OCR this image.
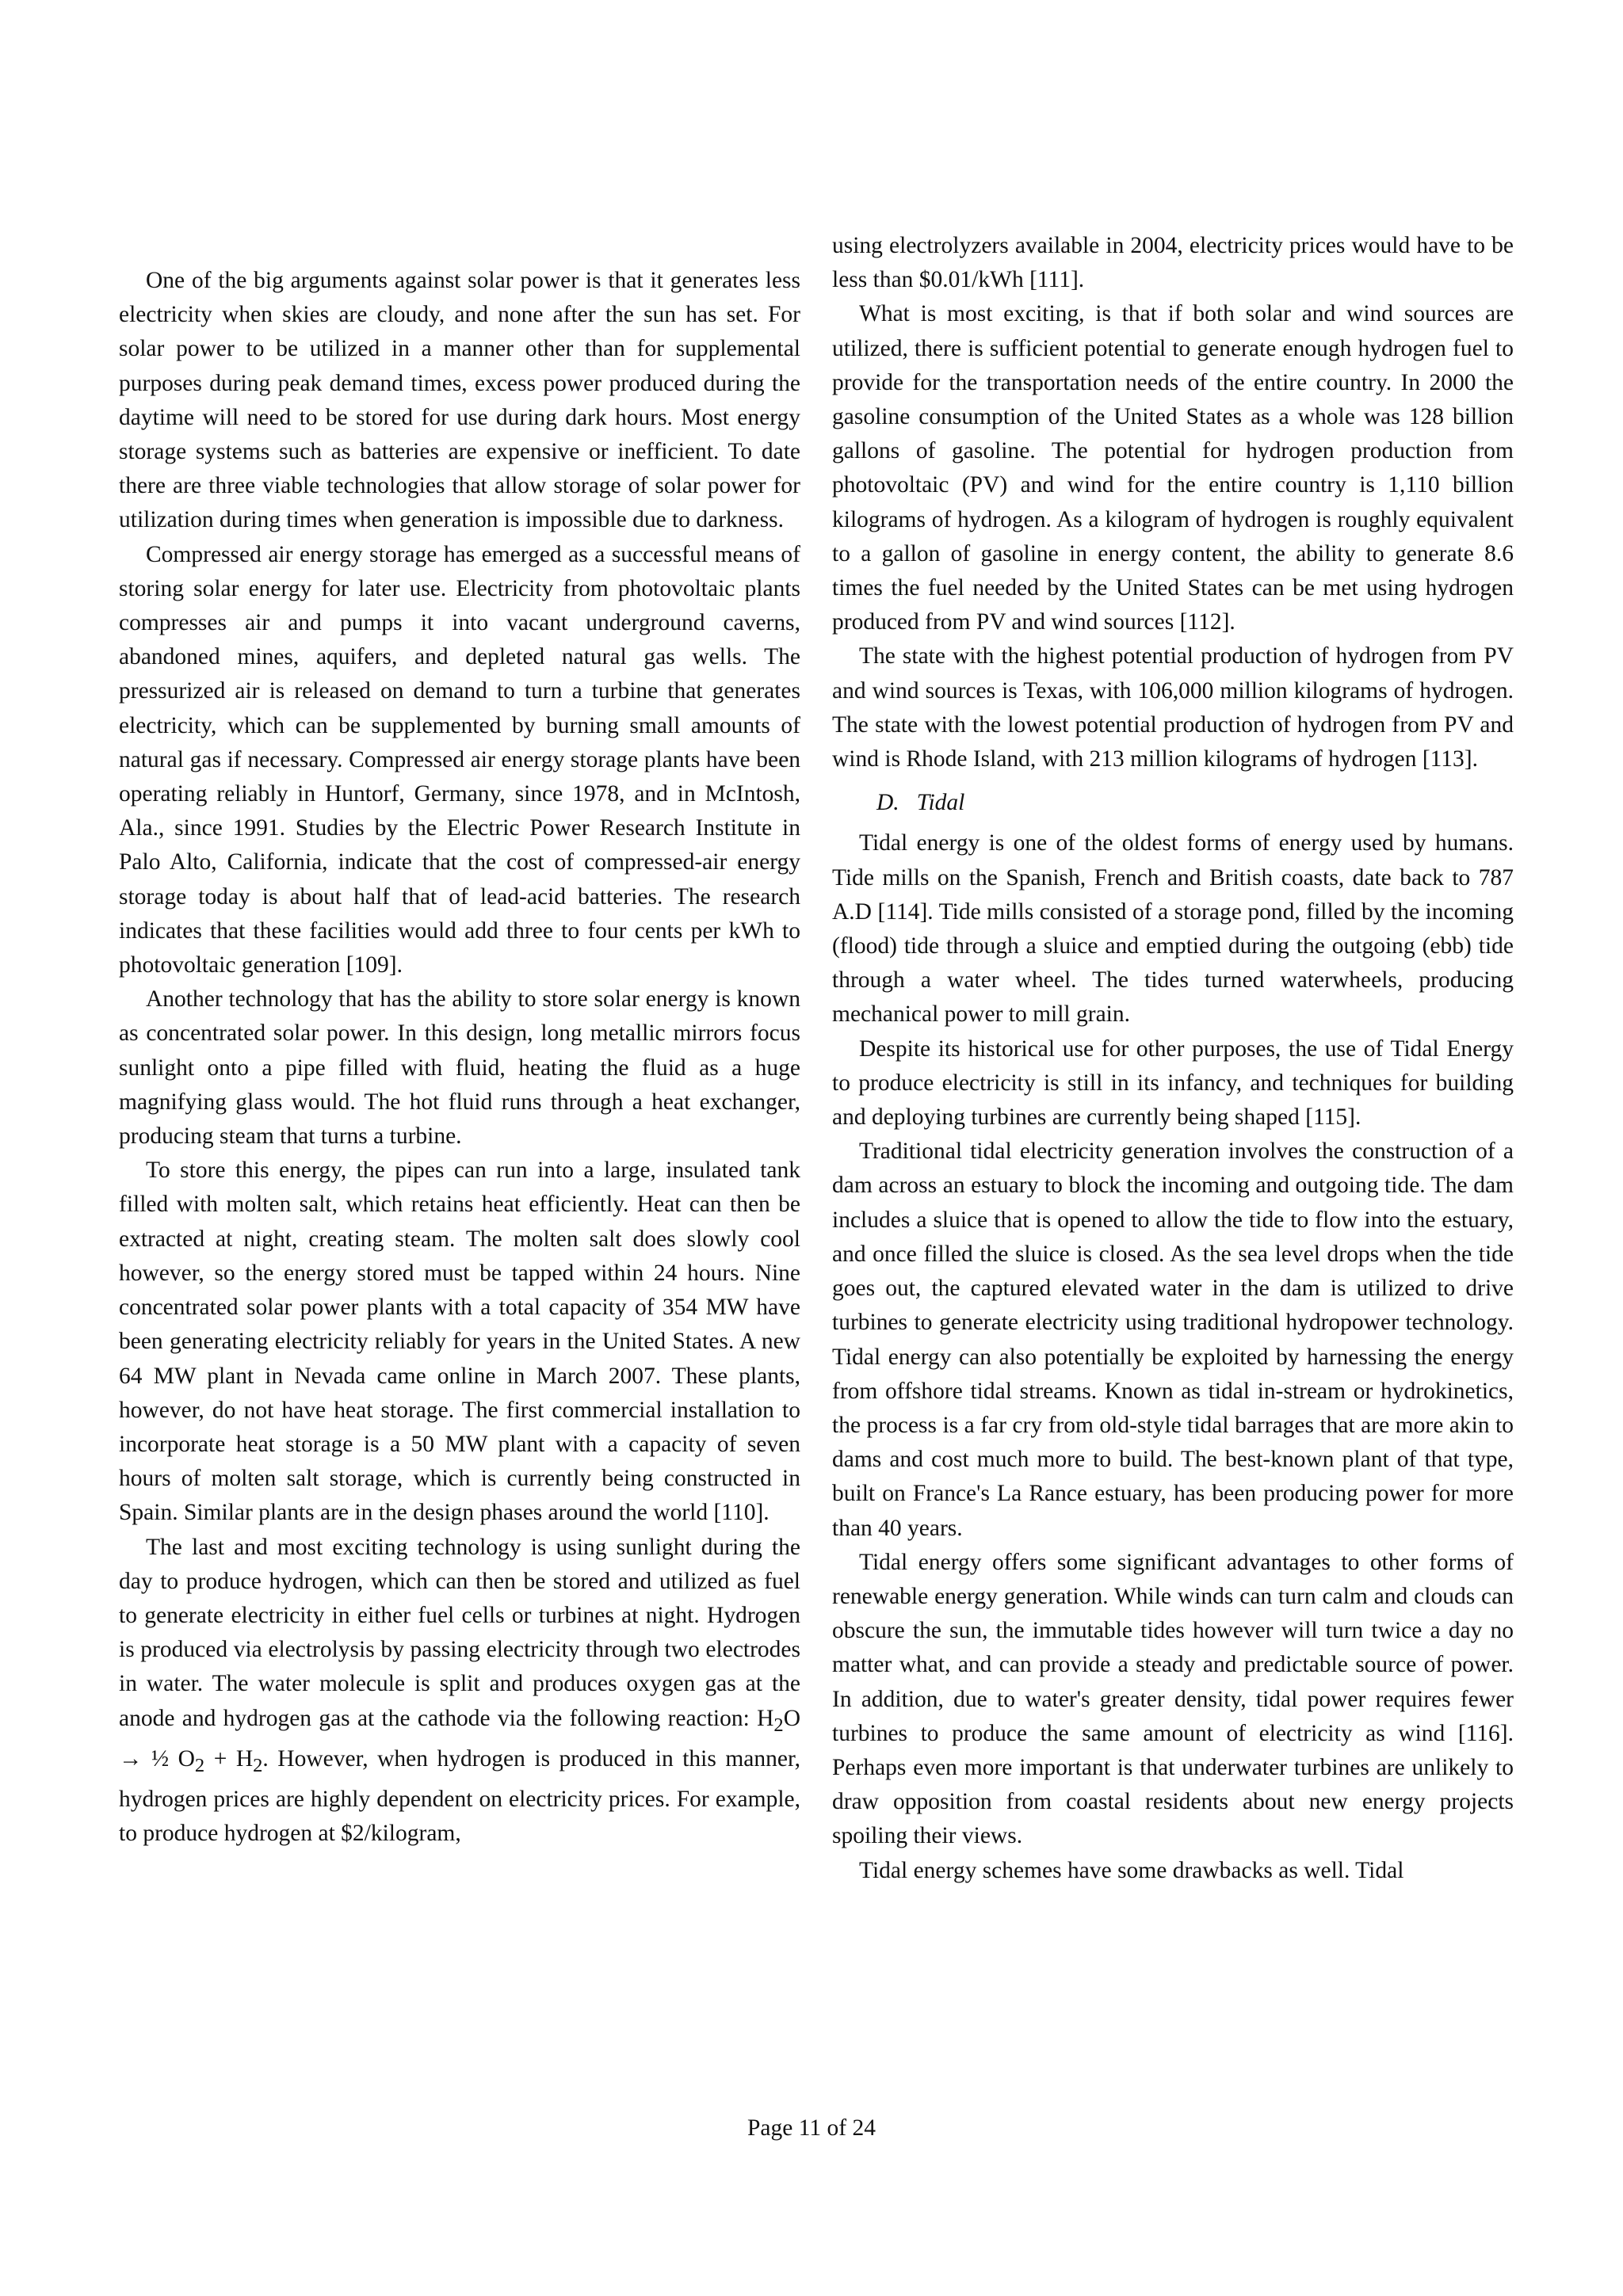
One of the big arguments against solar power is that it generates less electricity when skies are cloudy, and none after the sun has set. For solar power to be utilized in a manner other than for supplemental purposes during peak demand times, excess power produced during the daytime will need to be stored for use during dark hours. Most energy storage systems such as batteries are expensive or inefficient. To date there are three viable technologies that allow storage of solar power for utilization during times when generation is impossible due to darkness.

Compressed air energy storage has emerged as a successful means of storing solar energy for later use. Electricity from photovoltaic plants compresses air and pumps it into vacant underground caverns, abandoned mines, aquifers, and depleted natural gas wells. The pressurized air is released on demand to turn a turbine that generates electricity, which can be supplemented by burning small amounts of natural gas if necessary. Compressed air energy storage plants have been operating reliably in Huntorf, Germany, since 1978, and in McIntosh, Ala., since 1991. Studies by the Electric Power Research Institute in Palo Alto, California, indicate that the cost of compressed-air energy storage today is about half that of lead-acid batteries. The research indicates that these facilities would add three to four cents per kWh to photovoltaic generation [109].

Another technology that has the ability to store solar energy is known as concentrated solar power. In this design, long metallic mirrors focus sunlight onto a pipe filled with fluid, heating the fluid as a huge magnifying glass would. The hot fluid runs through a heat exchanger, producing steam that turns a turbine.

To store this energy, the pipes can run into a large, insulated tank filled with molten salt, which retains heat efficiently. Heat can then be extracted at night, creating steam. The molten salt does slowly cool however, so the energy stored must be tapped within 24 hours. Nine concentrated solar power plants with a total capacity of 354 MW have been generating electricity reliably for years in the United States. A new 64 MW plant in Nevada came online in March 2007. These plants, however, do not have heat storage. The first commercial installation to incorporate heat storage is a 50 MW plant with a capacity of seven hours of molten salt storage, which is currently being constructed in Spain. Similar plants are in the design phases around the world [110].

The last and most exciting technology is using sunlight during the day to produce hydrogen, which can then be stored and utilized as fuel to generate electricity in either fuel cells or turbines at night. Hydrogen is produced via electrolysis by passing electricity through two electrodes in water. The water molecule is split and produces oxygen gas at the anode and hydrogen gas at the cathode via the following reaction: $H_2O$ → ½ $O_2 + H_2$. However, when hydrogen is produced in this manner, hydrogen prices are highly dependent on electricity prices. For example, to produce hydrogen at $2/kilogram,

using electrolyzers available in 2004, electricity prices would have to be less than $0.01/kWh [111].

What is most exciting, is that if both solar and wind sources are utilized, there is sufficient potential to generate enough hydrogen fuel to provide for the transportation needs of the entire country. In 2000 the gasoline consumption of the United States as a whole was 128 billion gallons of gasoline. The potential for hydrogen production from photovoltaic (PV) and wind for the entire country is 1,110 billion kilograms of hydrogen. As a kilogram of hydrogen is roughly equivalent to a gallon of gasoline in energy content, the ability to generate 8.6 times the fuel needed by the United States can be met using hydrogen produced from PV and wind sources [112].

The state with the highest potential production of hydrogen from PV and wind sources is Texas, with 106,000 million kilograms of hydrogen. The state with the lowest potential production of hydrogen from PV and wind is Rhode Island, with 213 million kilograms of hydrogen [113].

D. Tidal

Tidal energy is one of the oldest forms of energy used by humans. Tide mills on the Spanish, French and British coasts, date back to 787 A.D [114]. Tide mills consisted of a storage pond, filled by the incoming (flood) tide through a sluice and emptied during the outgoing (ebb) tide through a water wheel. The tides turned waterwheels, producing mechanical power to mill grain.

Despite its historical use for other purposes, the use of Tidal Energy to produce electricity is still in its infancy, and techniques for building and deploying turbines are currently being shaped [115].

Traditional tidal electricity generation involves the construction of a dam across an estuary to block the incoming and outgoing tide. The dam includes a sluice that is opened to allow the tide to flow into the estuary, and once filled the sluice is closed. As the sea level drops when the tide goes out, the captured elevated water in the dam is utilized to drive turbines to generate electricity using traditional hydropower technology. Tidal energy can also potentially be exploited by harnessing the energy from offshore tidal streams. Known as tidal in-stream or hydrokinetics, the process is a far cry from old-style tidal barrages that are more akin to dams and cost much more to build. The best-known plant of that type, built on France's La Rance estuary, has been producing power for more than 40 years.

Tidal energy offers some significant advantages to other forms of renewable energy generation. While winds can turn calm and clouds can obscure the sun, the immutable tides however will turn twice a day no matter what, and can provide a steady and predictable source of power. In addition, due to water's greater density, tidal power requires fewer turbines to produce the same amount of electricity as wind [116]. Perhaps even more important is that underwater turbines are unlikely to draw opposition from coastal residents about new energy projects spoiling their views.

Tidal energy schemes have some drawbacks as well. Tidal

Page 11 of 24
